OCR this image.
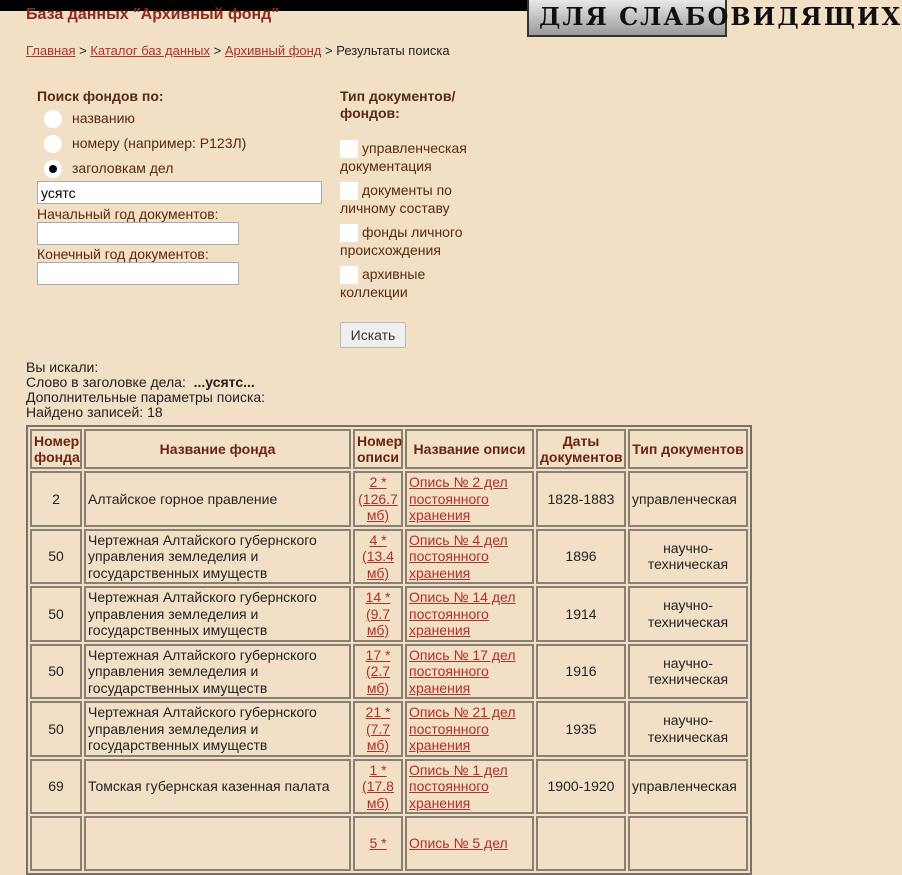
База данных "Архивный фонд"	ДЛЯ СЛАБОВИДЯЩИХ
Главная > Каталог баз данных > Архивный фонд > Результаты поиска
Поиск фондов по:
названию
номеру (например: Р123Л)
заголовкам дел
усятс
Начальный год документов:
Конечный год документов:
Тип документов/ фондов:
управленческая документация
документы по личному составу
фонды личного происхождения
архивные коллекции
Искать
Вы искали:
Слово в заголовке дела: ...усятс...
Дополнительные параметры поиска:
Найдено записей: 18
Номер фонда	Название фонда	Номер описи	Название описи	Даты документов	Тип документов
2	Алтайское горное правление	2 * (126.7 мб)	Опись № 2 дел постоянного хранения	1828-1883	управленческая
50	Чертежная Алтайского губернского управления земледелия и государственных имуществ	4 * (13.4 мб)	Опись № 4 дел постоянного хранения	1896	научно-техническая
50	Чертежная Алтайского губернского управления земледелия и государственных имуществ	14 * (9.7 мб)	Опись № 14 дел постоянного хранения	1914	научно-техническая
50	Чертежная Алтайского губернского управления земледелия и государственных имуществ	17 * (2.7 мб)	Опись № 17 дел постоянного хранения	1916	научно-техническая
50	Чертежная Алтайского губернского управления земледелия и государственных имуществ	21 * (7.7 мб)	Опись № 21 дел постоянного хранения	1935	научно-техническая
69	Томская губернская казенная палата	1 * (17.8 мб)	Опись № 1 дел постоянного хранения	1900-1920	управленческая
		5 *	Опись № 5 дел		
